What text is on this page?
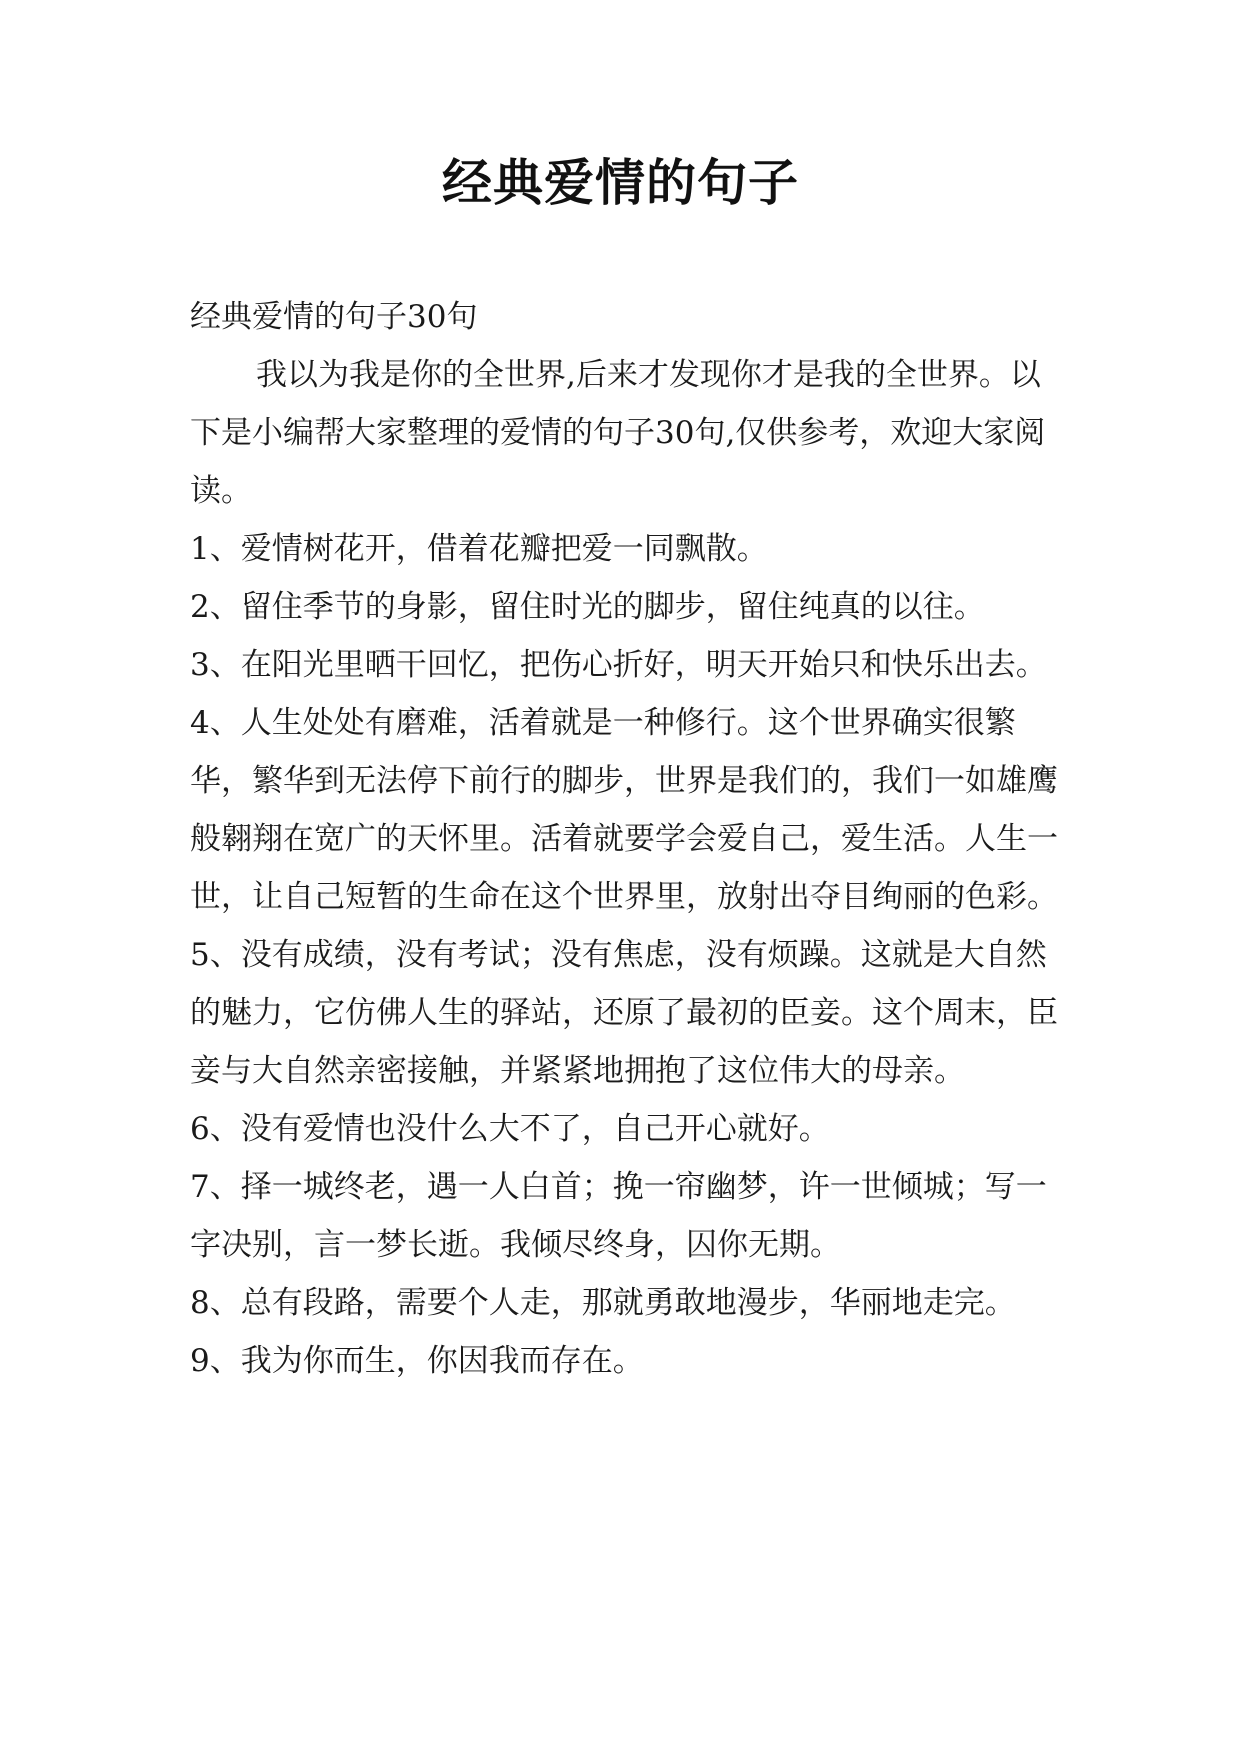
经典爱情的句子

经典爱情的句子30句

我以为我是你的全世界,后来才发现你才是我的全世界。以下是小编帮大家整理的爱情的句子30句,仅供参考，欢迎大家阅读。

1、爱情树花开，借着花瓣把爱一同飘散。

2、留住季节的身影，留住时光的脚步，留住纯真的以往。

3、在阳光里晒干回忆，把伤心折好，明天开始只和快乐出去。

4、人生处处有磨难，活着就是一种修行。这个世界确实很繁华，繁华到无法停下前行的脚步，世界是我们的，我们一如雄鹰般翱翔在宽广的天怀里。活着就要学会爱自己，爱生活。人生一世，让自己短暂的生命在这个世界里，放射出夺目绚丽的色彩。

5、没有成绩，没有考试；没有焦虑，没有烦躁。这就是大自然的魅力，它仿佛人生的驿站，还原了最初的臣妾。这个周末，臣妾与大自然亲密接触，并紧紧地拥抱了这位伟大的母亲。

6、没有爱情也没什么大不了，自己开心就好。

7、择一城终老，遇一人白首；挽一帘幽梦，许一世倾城；写一字决别，言一梦长逝。我倾尽终身，囚你无期。

8、总有段路，需要个人走，那就勇敢地漫步，华丽地走完。

9、我为你而生，你因我而存在。
